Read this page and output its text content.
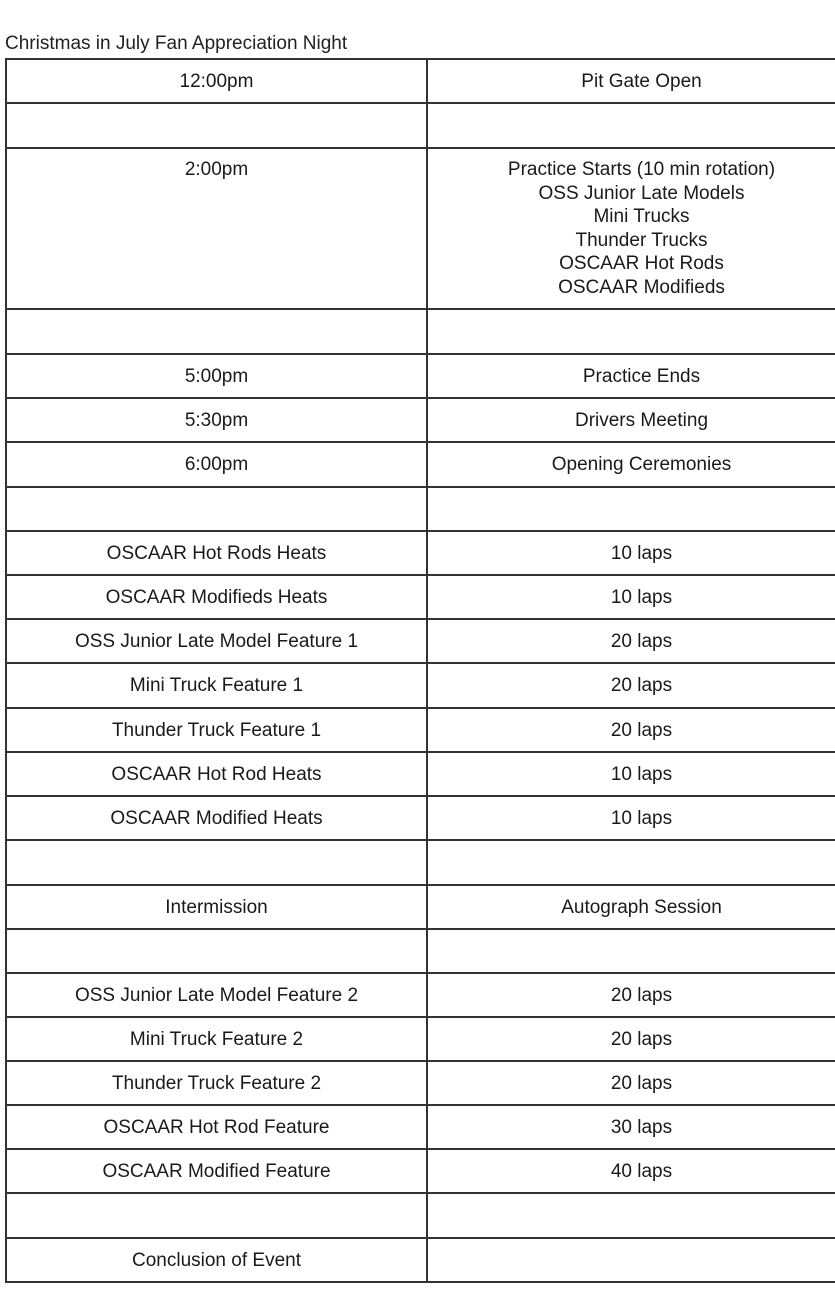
Christmas in July Fan Appreciation Night
12:00pm	Pit Gate Open

2:00pm	Practice Starts (10 min rotation)
OSS Junior Late Models
Mini Trucks
Thunder Trucks
OSCAAR Hot Rods
OSCAAR Modifieds

5:00pm	Practice Ends

5:30pm	Drivers Meeting

6:00pm	Opening Ceremonies

OSCAAR Hot Rods Heats	10 laps

OSCAAR Modifieds Heats	10 laps

OSS Junior Late Model Feature 1	20 laps

Mini Truck Feature 1	20 laps

Thunder Truck Feature 1	20 laps

OSCAAR Hot Rod Heats	10 laps

OSCAAR Modified Heats	10 laps

Intermission	Autograph Session

OSS Junior Late Model Feature 2	20 laps

Mini Truck Feature 2	20 laps

Thunder Truck Feature 2	20 laps

OSCAAR Hot Rod Feature	30 laps

OSCAAR Modified Feature	40 laps

Conclusion of Event	
